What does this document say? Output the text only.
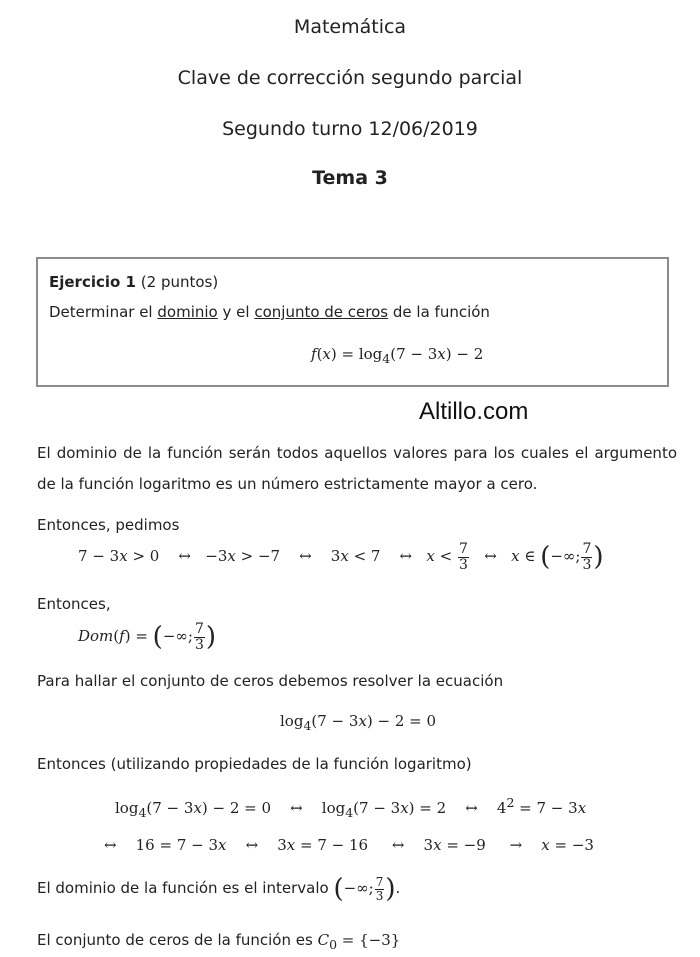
Matemática
Clave de corrección segundo parcial
Segundo turno 12/06/2019
Tema 3
Ejercicio 1 (2 puntos)
Determinar el dominio y el conjunto de ceros de la función
$f(x) = \log_4(7 - 3x) - 2$
Altillo.com
El dominio de la función serán todos aquellos valores para los cuales el argumento de la función logaritmo es un número estrictamente mayor a cero.
Entonces, pedimos
7 − 3x > 0    ↔   −3x > −7    ↔    3x < 7    ↔   $x < \frac{7}{3}$ ↔   x ∈ (−∞; $\frac{7}{3}$ )
Entonces,
Dom(f) = (−∞; $\frac{7}{3}$ )
Para hallar el conjunto de ceros debemos resolver la ecuación
$\log_4(7 - 3x) - 2 = 0$
Entonces (utilizando propiedades de la función logaritmo)
$\log_4(7 - 3x) - 2 = 0$    ↔    $\log_4(7 - 3x) = 2$    ↔    $4^2 = 7 - 3x$
↔    16 = 7 − 3x    ↔    3x = 7 − 16     ↔    3x = −9     →    x = −3
El dominio de la función es el intervalo (−∞; $\frac{7}{3}$ ).
El conjunto de ceros de la función es $C_0 = \{-3\}$
